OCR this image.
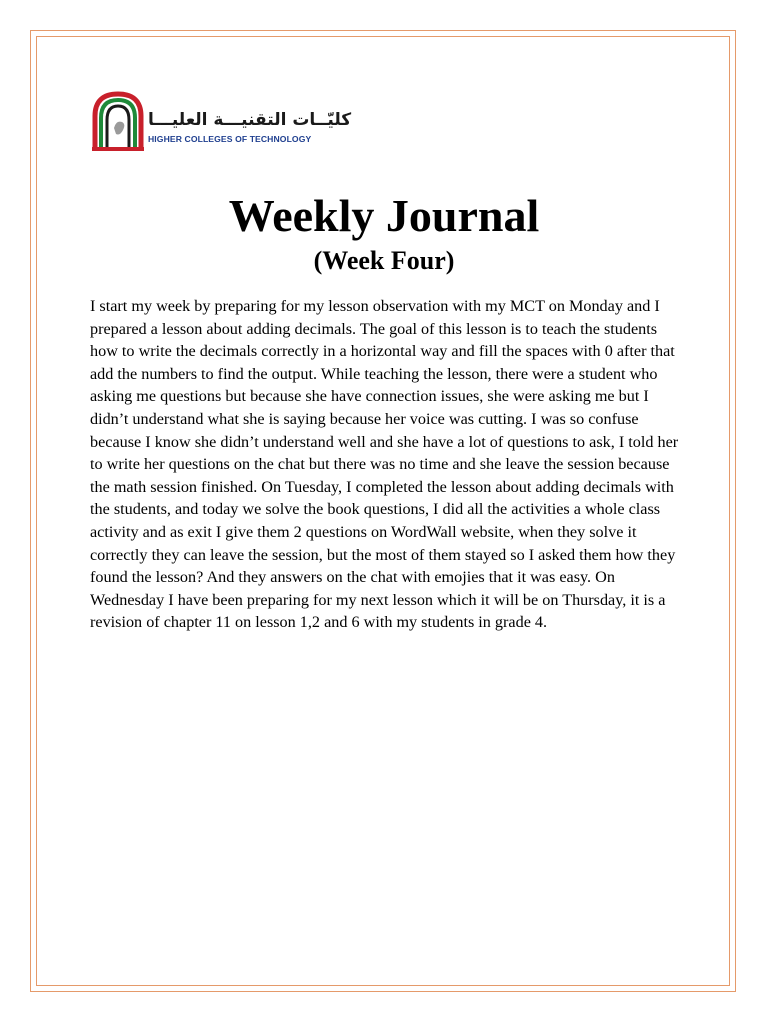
كليّــات التقنيـــة العليـــا
HIGHER COLLEGES OF TECHNOLOGY
Weekly Journal
(Week Four)

I start my week by preparing for my lesson observation with my MCT on Monday and I prepared a lesson about adding decimals. The goal of this lesson is to teach the students how to write the decimals correctly in a horizontal way and fill the spaces with 0 after that add the numbers to find the output. While teaching the lesson, there were a student who asking me questions but because she have connection issues, she were asking me but I didn’t understand what she is saying because her voice was cutting. I was so confuse because I know she didn’t understand well and she have a lot of questions to ask, I told her to write her questions on the chat but there was no time and she leave the session because the math session finished. On Tuesday, I completed the lesson about adding decimals with the students, and today we solve the book questions, I did all the activities a whole class activity and as exit I give them 2 questions on WordWall website, when they solve it correctly they can leave the session, but the most of them stayed so I asked them how they found the lesson? And they answers on the chat with emojies that it was easy. On Wednesday I have been preparing for my next lesson which it will be on Thursday, it is a revision of chapter 11 on lesson 1,2 and 6 with my students in grade 4.
